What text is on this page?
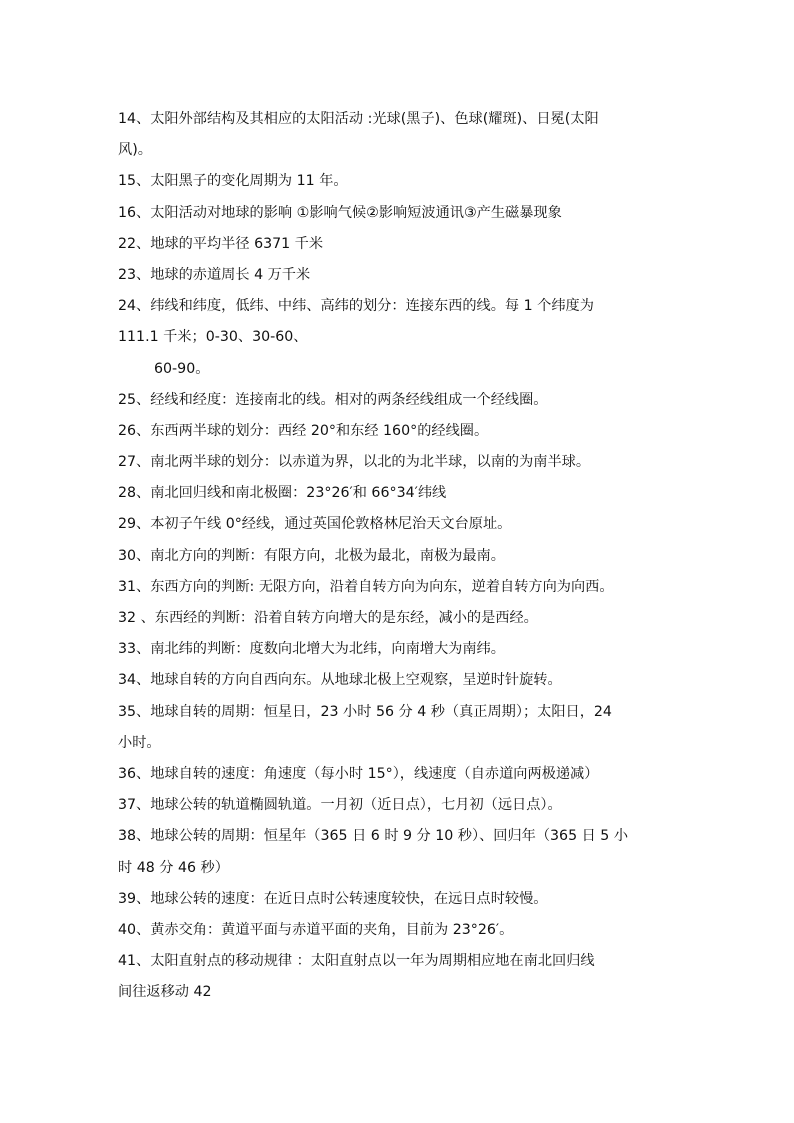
14、太阳外部结构及其相应的太阳活动 :光球(黑子)、色球(耀斑)、日冕(太阳
风)。
15、太阳黑子的变化周期为 11 年。
16、太阳活动对地球的影响 ①影响气候②影响短波通讯③产生磁暴现象
22、地球的平均半径 6371 千米
23、地球的赤道周长 4 万千米
24、纬线和纬度，低纬、中纬、高纬的划分：连接东西的线。每 1 个纬度为
111.1 千米；0-30、30-60、
60-90。
25、经线和经度：连接南北的线。相对的两条经线组成一个经线圈。
26、东西两半球的划分：西经 20°和东经 160°的经线圈。
27、南北两半球的划分：以赤道为界，以北的为北半球，以南的为南半球。
28、南北回归线和南北极圈：23°26′和 66°34′纬线
29、本初子午线 0°经线，通过英国伦敦格林尼治天文台原址。
30、南北方向的判断：有限方向，北极为最北，南极为最南。
31、东西方向的判断: 无限方向，沿着自转方向为向东，逆着自转方向为向西。
32 、东西经的判断：沿着自转方向增大的是东经，减小的是西经。
33、南北纬的判断：度数向北增大为北纬，向南增大为南纬。
34、地球自转的方向自西向东。从地球北极上空观察，呈逆时针旋转。
35、地球自转的周期：恒星日，23 小时 56 分 4 秒（真正周期）；太阳日，24
小时。
36、地球自转的速度：角速度（每小时 15°），线速度（自赤道向两极递减）
37、地球公转的轨道椭圆轨道。一月初（近日点），七月初（远日点）。
38、地球公转的周期：恒星年（365 日 6 时 9 分 10 秒）、回归年（365 日 5 小
时 48 分 46 秒）
39、地球公转的速度：在近日点时公转速度较快，在远日点时较慢。
40、黄赤交角：黄道平面与赤道平面的夹角，目前为 23°26′。
41、太阳直射点的移动规律 ：太阳直射点以一年为周期相应地在南北回归线
间往返移动 42
